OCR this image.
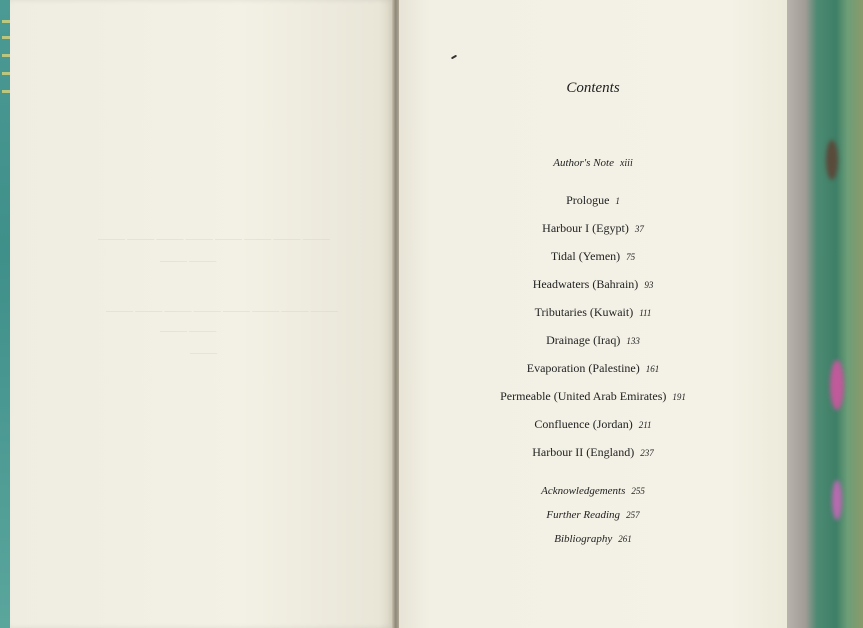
——— ——— ——— ——— ——— ——— ——— ———
——— ———
——— ——— ——— ——— ——— ——— ——— ———
——— ———
———
Contents
Author's Note xiii
Prologue 1
Harbour I (Egypt) 37
Tidal (Yemen) 75
Headwaters (Bahrain) 93
Tributaries (Kuwait) 111
Drainage (Iraq) 133
Evaporation (Palestine) 161
Permeable (United Arab Emirates) 191
Confluence (Jordan) 211
Harbour II (England) 237
Acknowledgements 255
Further Reading 257
Bibliography 261
